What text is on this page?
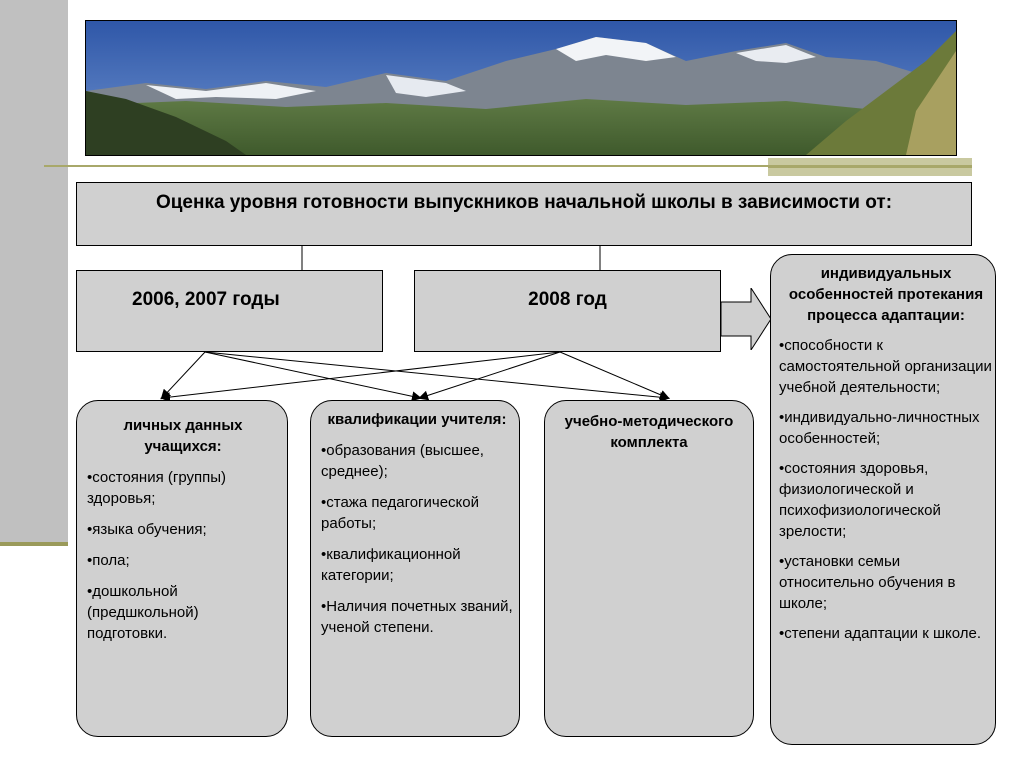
Оценка уровня готовности выпускников начальной школы в зависимости от:
2006, 2007 годы	2008 год

личных данных учащихся:

•состояния (группы) здоровья;

•языка обучения;

•пола;

•дошкольной (предшкольной) подготовки.

квалификации учителя:

•образования (высшее, среднее);

•стажа педагогической работы;

•квалификационной категории;

•Наличия почетных званий, ученой степени.

учебно-методического комплекта

индивидуальных особенностей протекания процесса адаптации:

•способности к самостоятельной организации учебной деятельности;

•индивидуально-личностных особенностей;

•состояния здоровья, физиологической и психофизиологической зрелости;

•установки семьи относительно обучения в школе;

•степени адаптации к школе.
